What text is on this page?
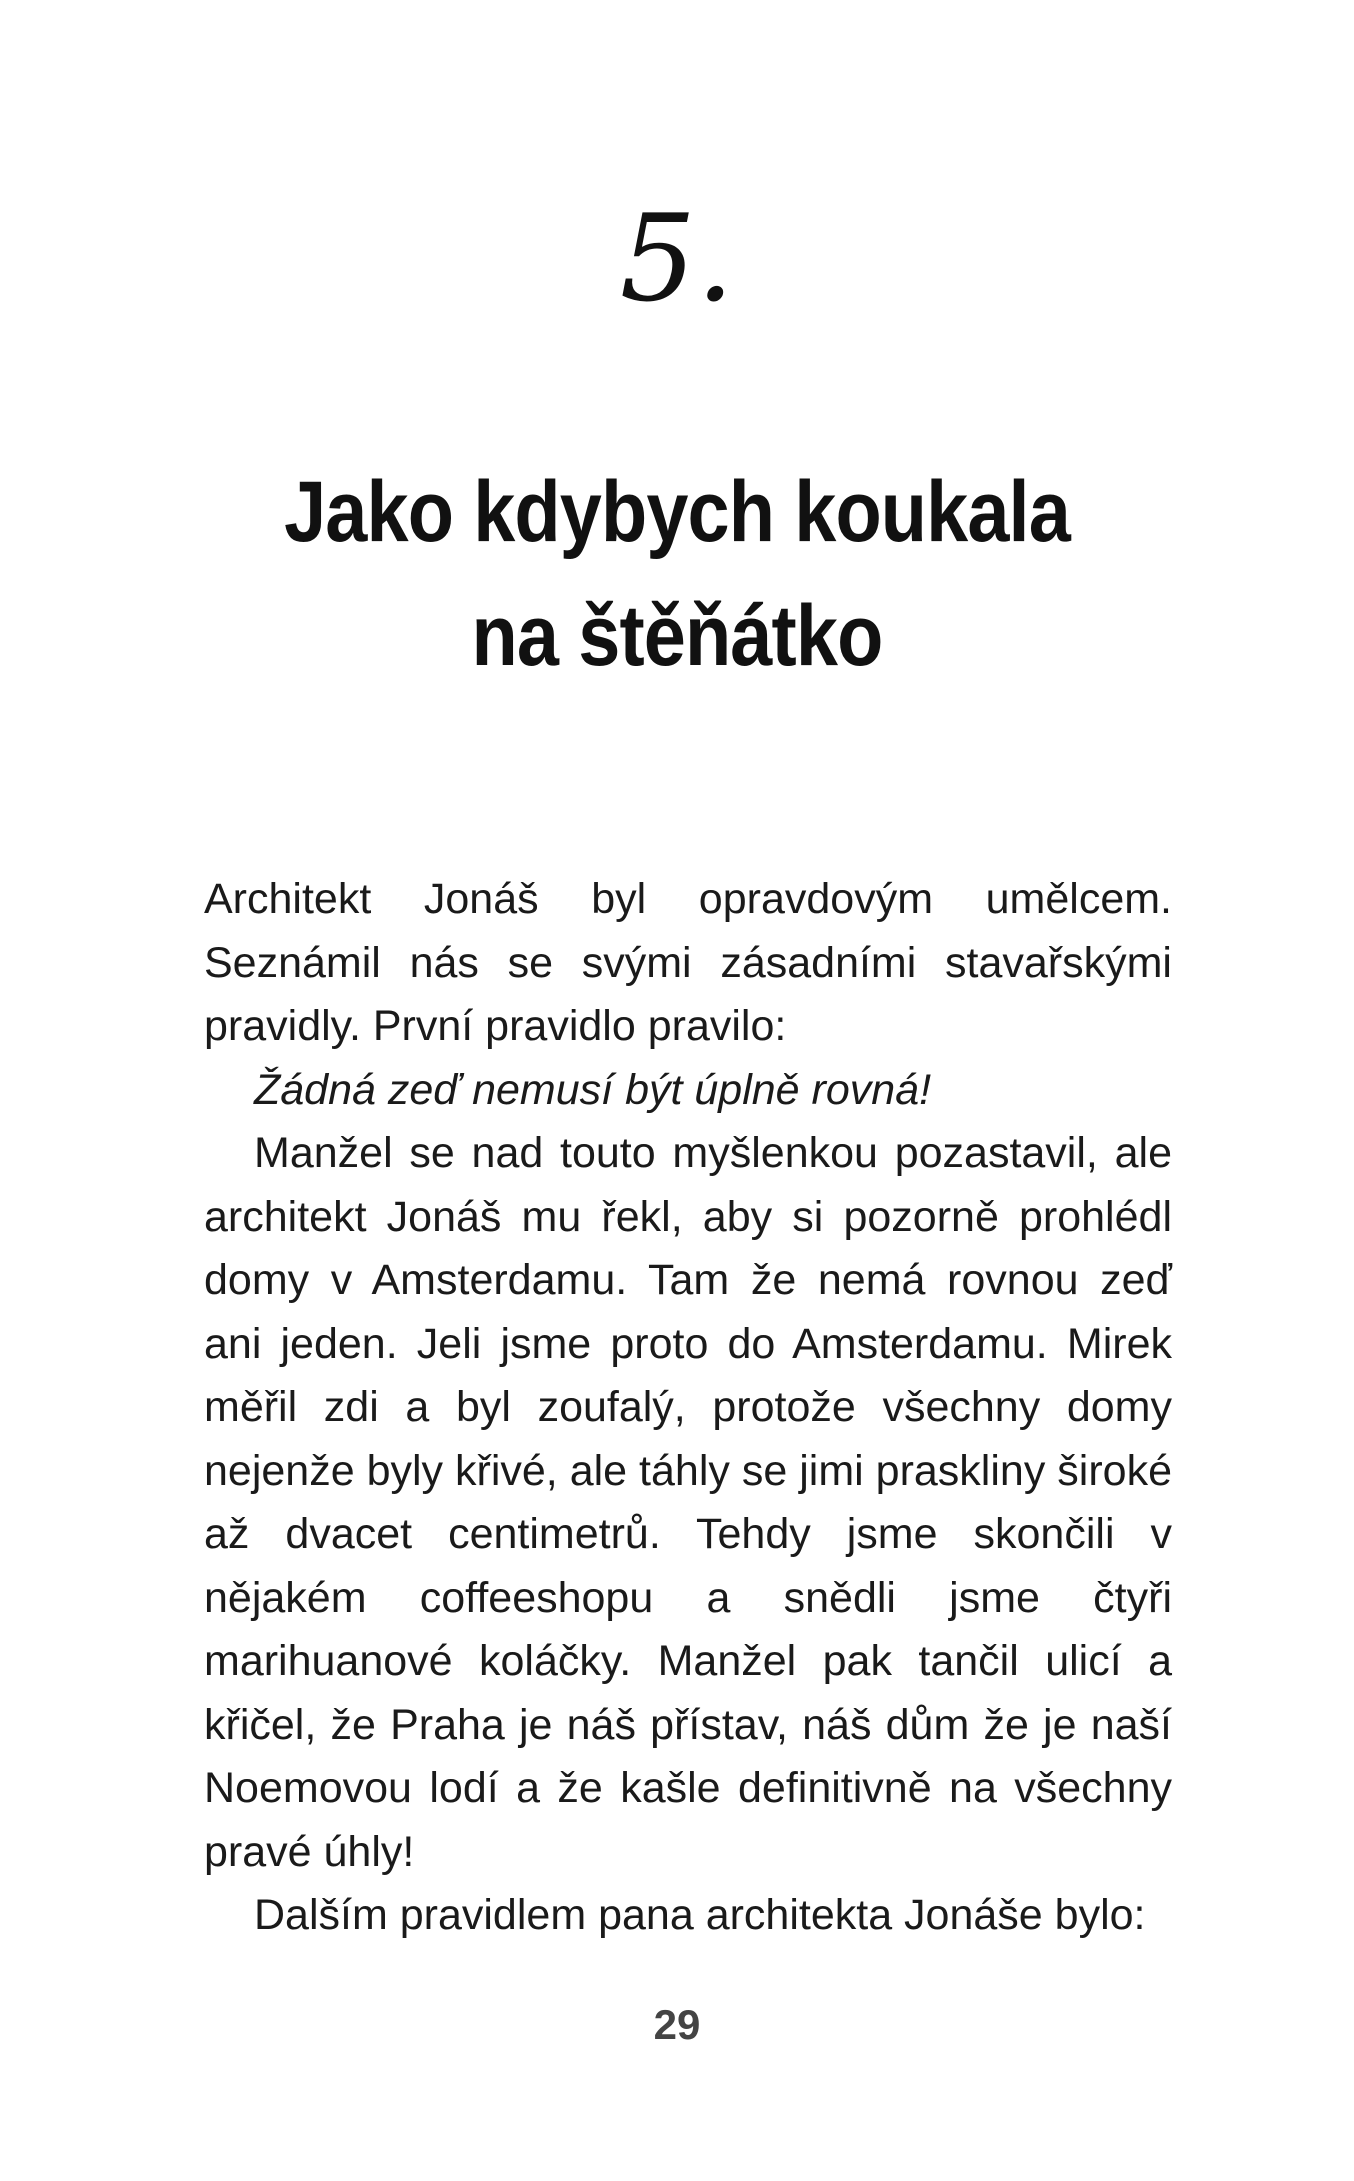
5.
Jako kdybych koukala
na štěňátko

Architekt Jonáš byl opravdovým umělcem. Seznámil nás se svými zásadními stavařskými pravidly. První pravidlo pravilo:

Žádná zeď nemusí být úplně rovná!

Manžel se nad touto myšlenkou pozastavil, ale architekt Jonáš mu řekl, aby si pozorně prohlédl domy v Amsterdamu. Tam že nemá rovnou zeď ani jeden. Jeli jsme proto do Amsterdamu. Mirek měřil zdi a byl zoufalý, protože všechny domy nejenže byly křivé, ale táhly se jimi praskliny široké až dvacet centimetrů. Tehdy jsme skončili v nějakém coffeeshopu a snědli jsme čtyři marihuanové koláčky. Manžel pak tančil ulicí a křičel, že Praha je náš přístav, náš dům že je naší Noemovou lodí a že kašle definitivně na všechny pravé úhly!

Dalším pravidlem pana architekta Jonáše bylo:

29
